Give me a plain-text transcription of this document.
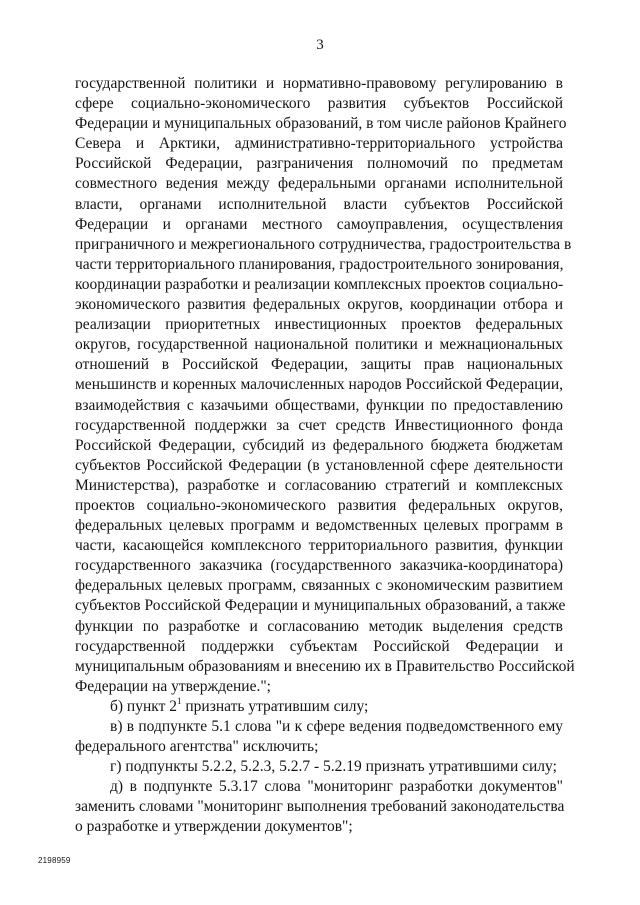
3
государственной политики и нормативно-правовому регулированию в
сфере социально-экономического развития субъектов Российской
Федерации и муниципальных образований, в том числе районов Крайнего
Севера и Арктики, административно-территориального устройства
Российской Федерации, разграничения полномочий по предметам
совместного ведения между федеральными органами исполнительной
власти, органами исполнительной власти субъектов Российской
Федерации и органами местного самоуправления, осуществления
приграничного и межрегионального сотрудничества, градостроительства в
части территориального планирования, градостроительного зонирования,
координации разработки и реализации комплексных проектов социально-
экономического развития федеральных округов, координации отбора и
реализации приоритетных инвестиционных проектов федеральных
округов, государственной национальной политики и межнациональных
отношений в Российской Федерации, защиты прав национальных
меньшинств и коренных малочисленных народов Российской Федерации,
взаимодействия с казачьими обществами, функции по предоставлению
государственной поддержки за счет средств Инвестиционного фонда
Российской Федерации, субсидий из федерального бюджета бюджетам
субъектов Российской Федерации (в установленной сфере деятельности
Министерства), разработке и согласованию стратегий и комплексных
проектов социально-экономического развития федеральных округов,
федеральных целевых программ и ведомственных целевых программ в
части, касающейся комплексного территориального развития, функции
государственного заказчика (государственного заказчика-координатора)
федеральных целевых программ, связанных с экономическим развитием
субъектов Российской Федерации и муниципальных образований, а также
функции по разработке и согласованию методик выделения средств
государственной поддержки субъектам Российской Федерации и
муниципальным образованиям и внесению их в Правительство Российской
Федерации на утверждение.";
б) пункт $2^1$ признать утратившим силу;
в) в подпункте 5.1 слова "и к сфере ведения подведомственного ему
федерального агентства" исключить;
г) подпункты 5.2.2, 5.2.3, 5.2.7 - 5.2.19 признать утратившими силу;
д) в подпункте 5.3.17 слова "мониторинг разработки документов"
заменить словами "мониторинг выполнения требований законодательства
о разработке и утверждении документов";
2198959
